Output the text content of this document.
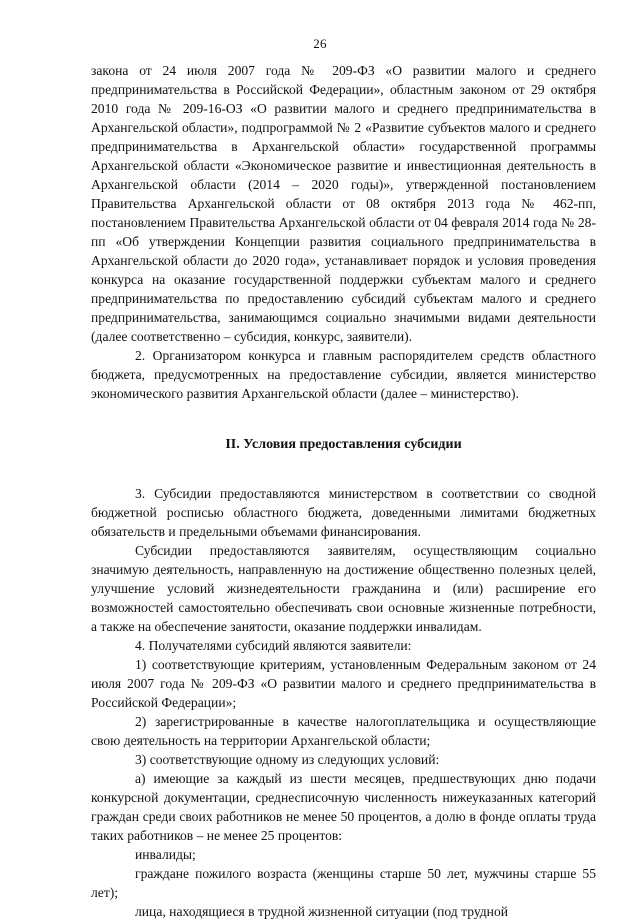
26

закона от 24 июля 2007 года № 209-ФЗ «О развитии малого и среднего предпринимательства в Российской Федерации», областным законом от 29 октября 2010 года № 209-16-ОЗ «О развитии малого и среднего предпринимательства в Архангельской области», подпрограммой № 2 «Развитие субъектов малого и среднего предпринимательства в Архангельской области» государственной программы Архангельской области «Экономическое развитие и инвестиционная деятельность в Архангельской области (2014 – 2020 годы)», утвержденной постановлением Правительства Архангельской области от 08 октября 2013 года № 462-пп, постановлением Правительства Архангельской области от 04 февраля 2014 года № 28-пп «Об утверждении Концепции развития социального предпринимательства в Архангельской области до 2020 года», устанавливает порядок и условия проведения конкурса на оказание государственной поддержки субъектам малого и среднего предпринимательства по предоставлению субсидий субъектам малого и среднего предпринимательства, занимающимся социально значимыми видами деятельности (далее соответственно – субсидия, конкурс, заявители).

2. Организатором конкурса и главным распорядителем средств областного бюджета, предусмотренных на предоставление субсидии, является министерство экономического развития Архангельской области (далее – министерство).

II. Условия предоставления субсидии

3. Субсидии предоставляются министерством в соответствии со сводной бюджетной росписью областного бюджета, доведенными лимитами бюджетных обязательств и предельными объемами финансирования.

Субсидии предоставляются заявителям, осуществляющим социально значимую деятельность, направленную на достижение общественно полезных целей, улучшение условий жизнедеятельности гражданина и (или) расширение его возможностей самостоятельно обеспечивать свои основные жизненные потребности, а также на обеспечение занятости, оказание поддержки инвалидам.

4. Получателями субсидий являются заявители:

1) соответствующие критериям, установленным Федеральным законом от 24 июля 2007 года № 209-ФЗ «О развитии малого и среднего предпринимательства в Российской Федерации»;

2) зарегистрированные в качестве налогоплательщика и осуществляющие свою деятельность на территории Архангельской области;

3) соответствующие одному из следующих условий:

а) имеющие за каждый из шести месяцев, предшествующих дню подачи конкурсной документации, среднесписочную численность нижеуказанных категорий граждан среди своих работников не менее 50 процентов, а долю в фонде оплаты труда таких работников – не менее 25 процентов:

инвалиды;

граждане пожилого возраста (женщины старше 50 лет, мужчины старше 55 лет);

лица, находящиеся в трудной жизненной ситуации (под трудной
